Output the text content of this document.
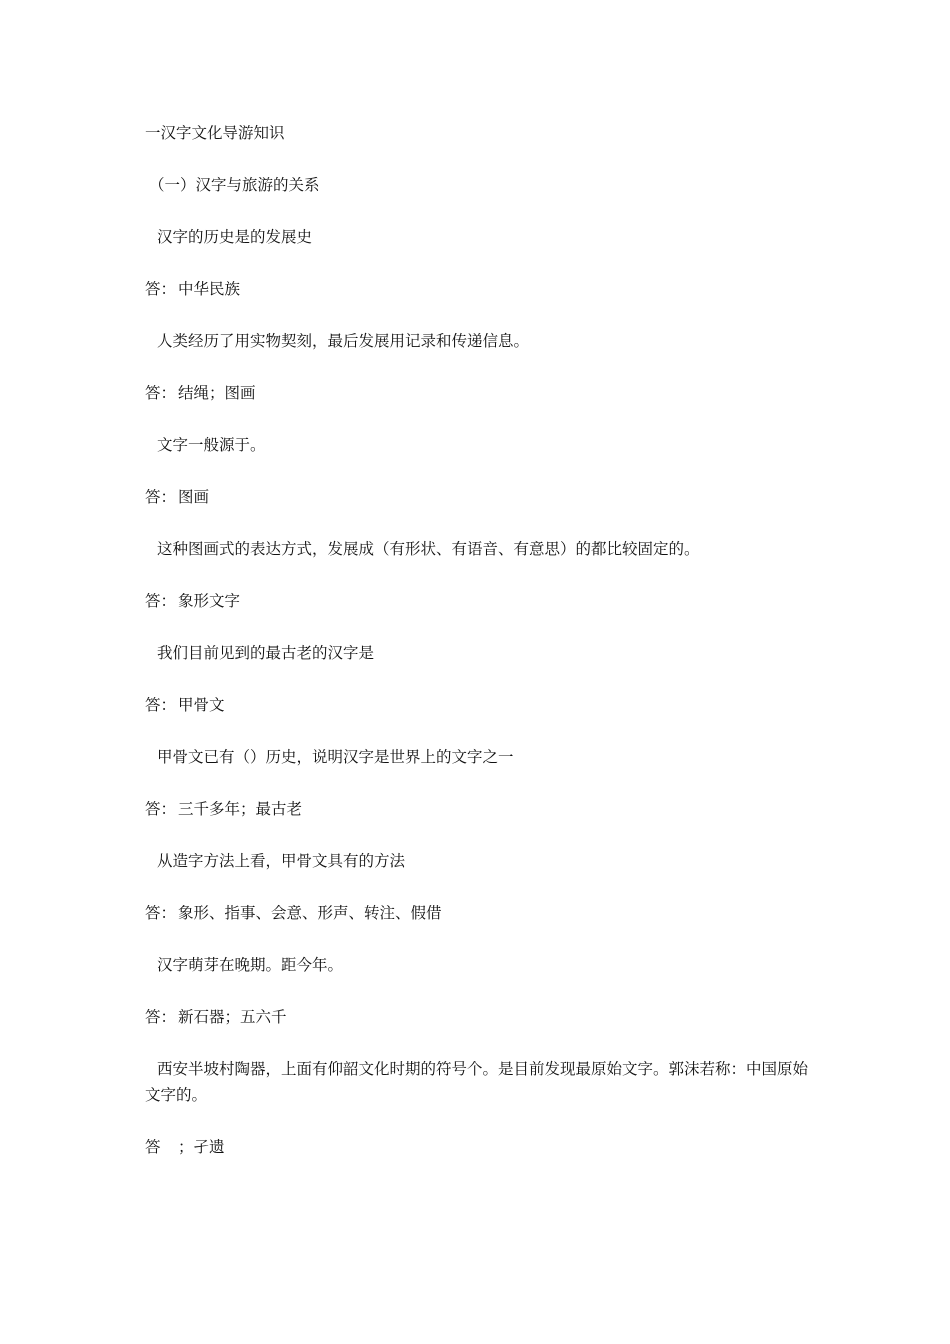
一汉字文化导游知识
（一）汉字与旅游的关系
汉字的历史是的发展史
答： 中华民族
人类经历了用实物契刻，最后发展用记录和传递信息。
答： 结绳；图画
文字一般源于。
答： 图画
这种图画式的表达方式，发展成（有形状、有语音、有意思）的都比较固定的。
答： 象形文字
我们目前见到的最古老的汉字是
答： 甲骨文
甲骨文已有（）历史，说明汉字是世界上的文字之一
答： 三千多年；最古老
从造字方法上看，甲骨文具有的方法
答： 象形、指事、会意、形声、转注、假借
汉字萌芽在晚期。距今年。
答： 新石器；五六千
西安半坡村陶器，上面有仰韶文化时期的符号个。是目前发现最原始文字。郭沫若称：中国原始文字的。
答 ；孑遗
